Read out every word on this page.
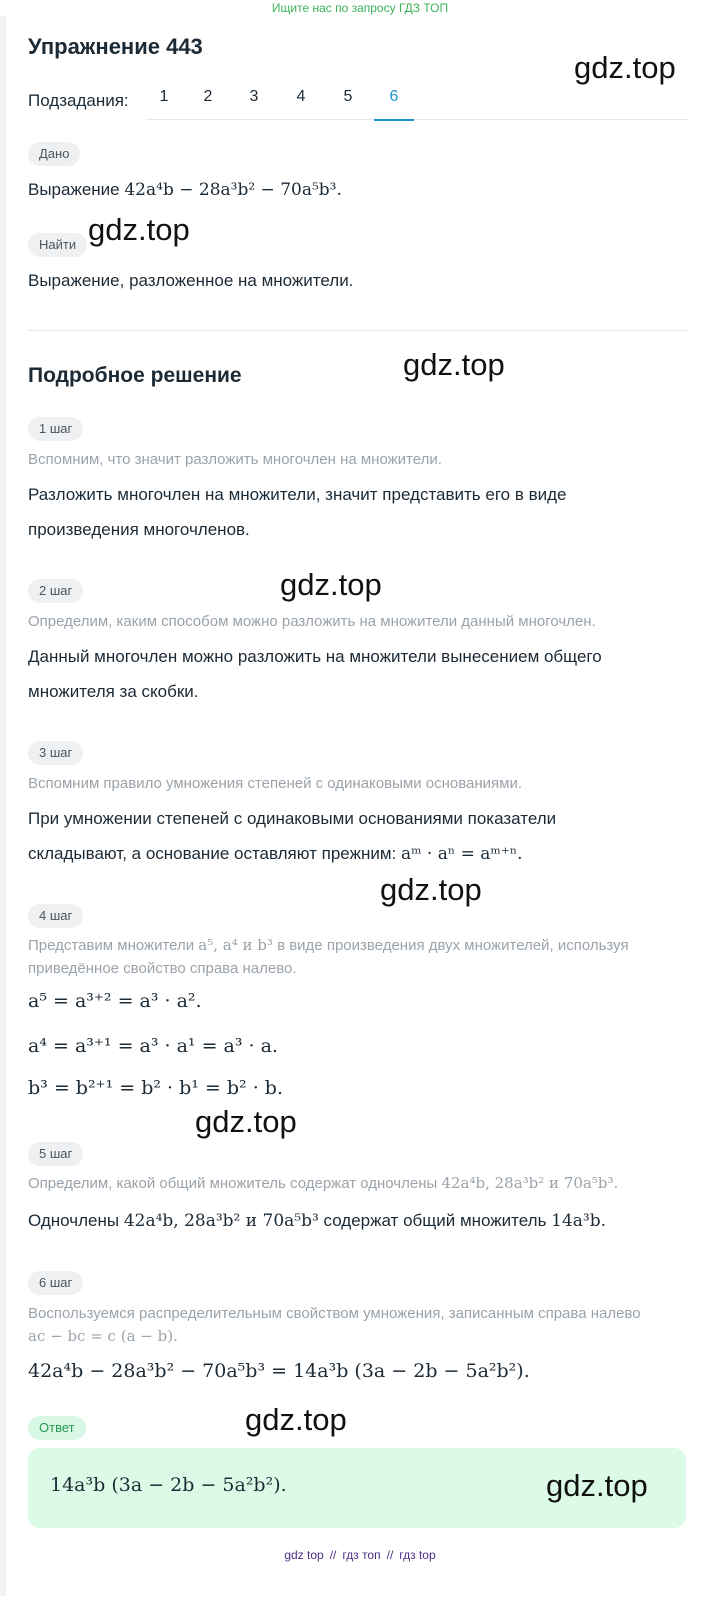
Ищите нас по запросу ГДЗ ТОП
Упражнение 443
gdz.top
Подзадания:	1	2	3	4	5	6
Дано
Выражение 42a⁴b − 28a³b² − 70a⁵b³.
Найти gdz.top
Выражение, разложенное на множители.
Подробное решение	gdz.top
1 шаг
Вспомним, что значит разложить многочлен на множители.
Разложить многочлен на множители, значит представить его в виде
произведения многочленов.
2 шаг	gdz.top
Определим, каким способом можно разложить на множители данный многочлен.
Данный многочлен можно разложить на множители вынесением общего
множителя за скобки.
3 шаг
Вспомним правило умножения степеней с одинаковыми основаниями.
При умножении степеней с одинаковыми основаниями показатели
складывают, а основание оставляют прежним: aᵐ · aⁿ = aᵐ⁺ⁿ.
gdz.top
4 шаг
Представим множители a⁵, a⁴ и b³ в виде произведения двух множителей, используя
приведённое свойство справа налево.
a⁵ = a³⁺² = a³ · a².
a⁴ = a³⁺¹ = a³ · a¹ = a³ · a.
b³ = b²⁺¹ = b² · b¹ = b² · b.
gdz.top
5 шаг
Определим, какой общий множитель содержат одночлены 42a⁴b, 28a³b² и 70a⁵b³.
Одночлены 42a⁴b, 28a³b² и 70a⁵b³ содержат общий множитель 14a³b.
6 шаг
Воспользуемся распределительным свойством умножения, записанным справа налево
ac − bc = c (a − b).
42a⁴b − 28a³b² − 70a⁵b³ = 14a³b (3a − 2b − 5a²b²).
Ответ	gdz.top
14a³b (3a − 2b − 5a²b²).	gdz.top
gdz top // гдз топ // гдз top
